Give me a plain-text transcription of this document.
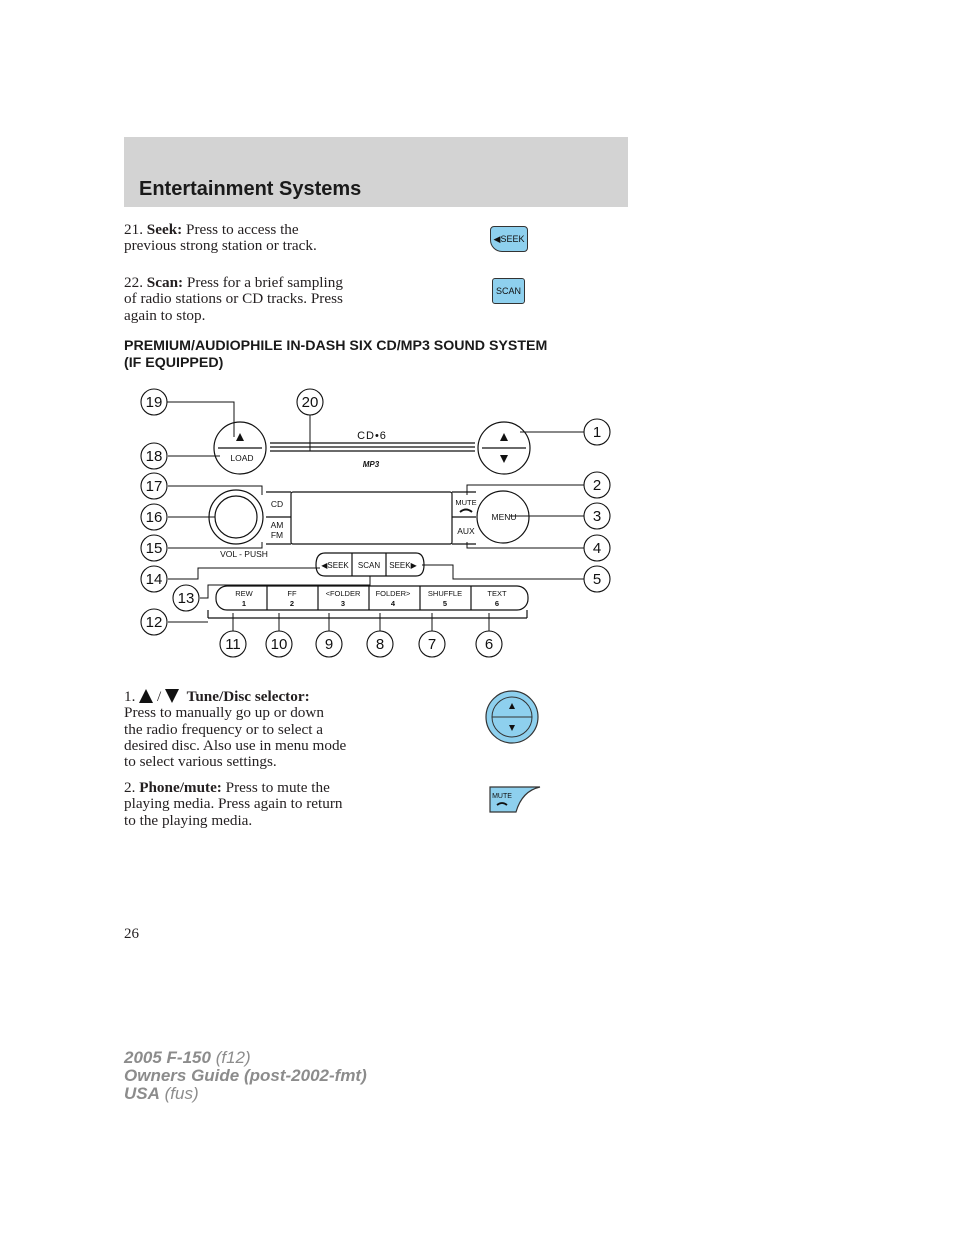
Entertainment Systems
21. Seek: Press to access the
previous strong station or track.	◀SEEK
22. Scan: Press for a brief sampling
of radio stations or CD tracks. Press
again to stop.
SCAN
PREMIUM/AUDIOPHILE IN-DASH SIX CD/MP3 SOUND SYSTEM
(IF EQUIPPED)
CD•6
MP3
LOAD
CD
AM
FM
VOL - PUSH
MUTE
AUX
MENU
◀SEEK SCAN SEEK▶
REW
1
FF
2
<FOLDER
3
FOLDER>
4
SHUFFLE
5
TEXT
6
19	20
1
18
17	2
16	3
15	4
14	5
13
12
11 10 9	8	7	6
1. / Tune/Disc selector:
Press to manually go up or down
the radio frequency or to select a
desired disc. Also use in menu mode
to select various settings.
2. Phone/mute: Press to mute the
playing media. Press again to return
to the playing media.
MUTE
26
2005 F-150 (f12)
Owners Guide (post-2002-fmt)
USA (fus)
